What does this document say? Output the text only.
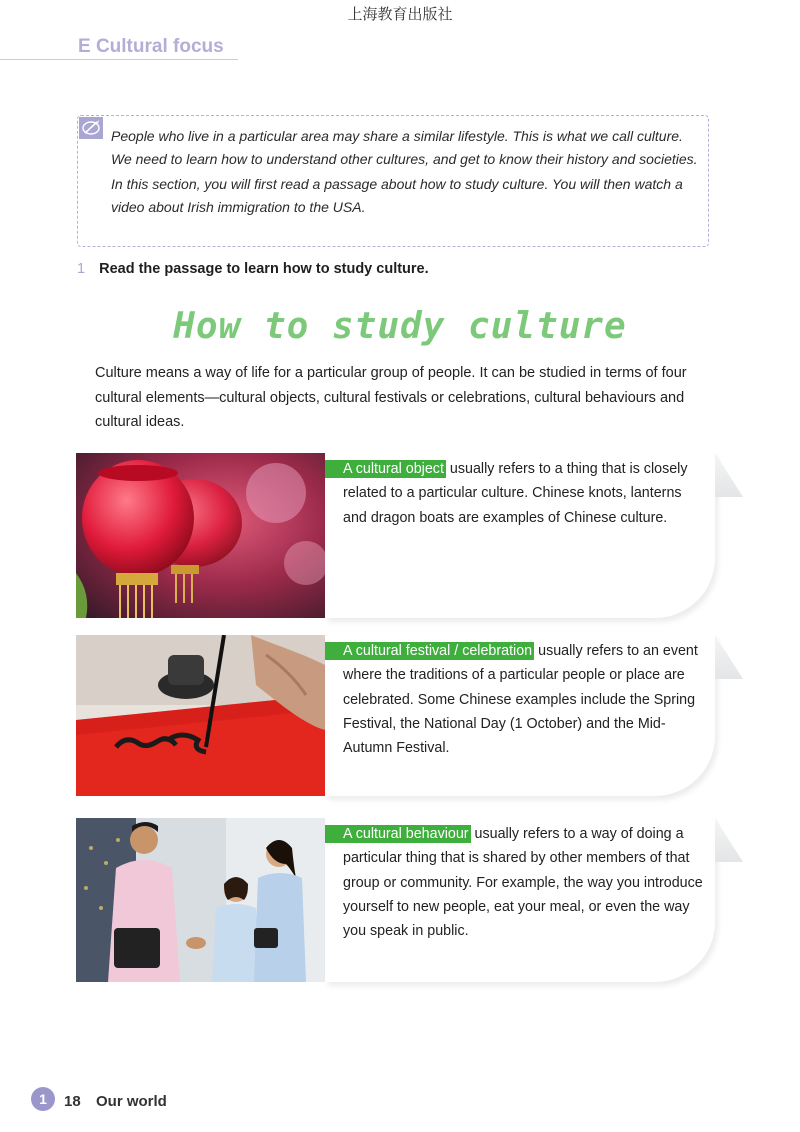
上海教育出版社
E Cultural focus

People who live in a particular area may share a similar lifestyle. This is what we call culture. We need to learn how to understand other cultures, and get to know their history and societies.

In this section, you will first read a passage about how to study culture. You will then watch a video about Irish immigration to the USA.

1 Read the passage to learn how to study culture.
How to study culture

Culture means a way of life for a particular group of people. It can be studied in terms of four cultural elements—cultural objects, cultural festivals or celebrations, cultural behaviours and cultural ideas.

A cultural object usually refers to a thing that is closely related to a particular culture. Chinese knots, lanterns and dragon boats are examples of Chinese culture.
A cultural festival / celebration usually refers to an event where the traditions of a particular people or place are celebrated. Some Chinese examples include the Spring Festival, the National Day (1 October) and the Mid-Autumn Festival.
A cultural behaviour usually refers to a way of doing a particular thing that is shared by other members of that group or community. For example, the way you introduce yourself to new people, eat your meal, or even the way you speak in public.
1	18 Our world
